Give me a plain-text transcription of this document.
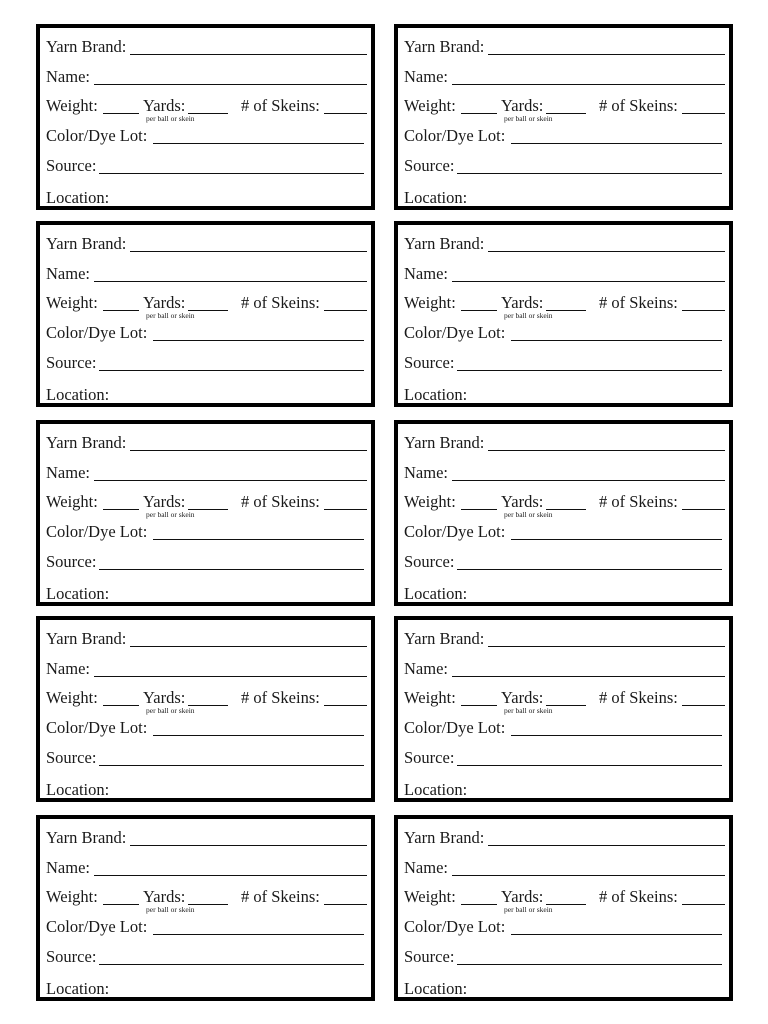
Yarn Brand:
Name:
Weight:	Yards:
per ball or skein
# of Skeins:
Color/Dye Lot:
Source:
Location:
Yarn Brand:
Name:
Weight:	Yards:
per ball or skein
# of Skeins:
Color/Dye Lot:
Source:
Location:
Yarn Brand:
Name:
Weight:	Yards:
per ball or skein
# of Skeins:
Color/Dye Lot:
Source:
Location:
Yarn Brand:
Name:
Weight:	Yards:
per ball or skein
# of Skeins:
Color/Dye Lot:
Source:
Location:
Yarn Brand:
Name:
Weight:	Yards:
per ball or skein
# of Skeins:
Color/Dye Lot:
Source:
Location:
Yarn Brand:
Name:
Weight:	Yards:
per ball or skein
# of Skeins:
Color/Dye Lot:
Source:
Location:
Yarn Brand:
Name:
Weight:	Yards:
per ball or skein
# of Skeins:
Color/Dye Lot:
Source:
Location:
Yarn Brand:
Name:
Weight:	Yards:
per ball or skein
# of Skeins:
Color/Dye Lot:
Source:
Location:
Yarn Brand:
Name:
Weight:	Yards:
per ball or skein
# of Skeins:
Color/Dye Lot:
Source:
Location:
Yarn Brand:
Name:
Weight:	Yards:
per ball or skein
# of Skeins:
Color/Dye Lot:
Source:
Location:
